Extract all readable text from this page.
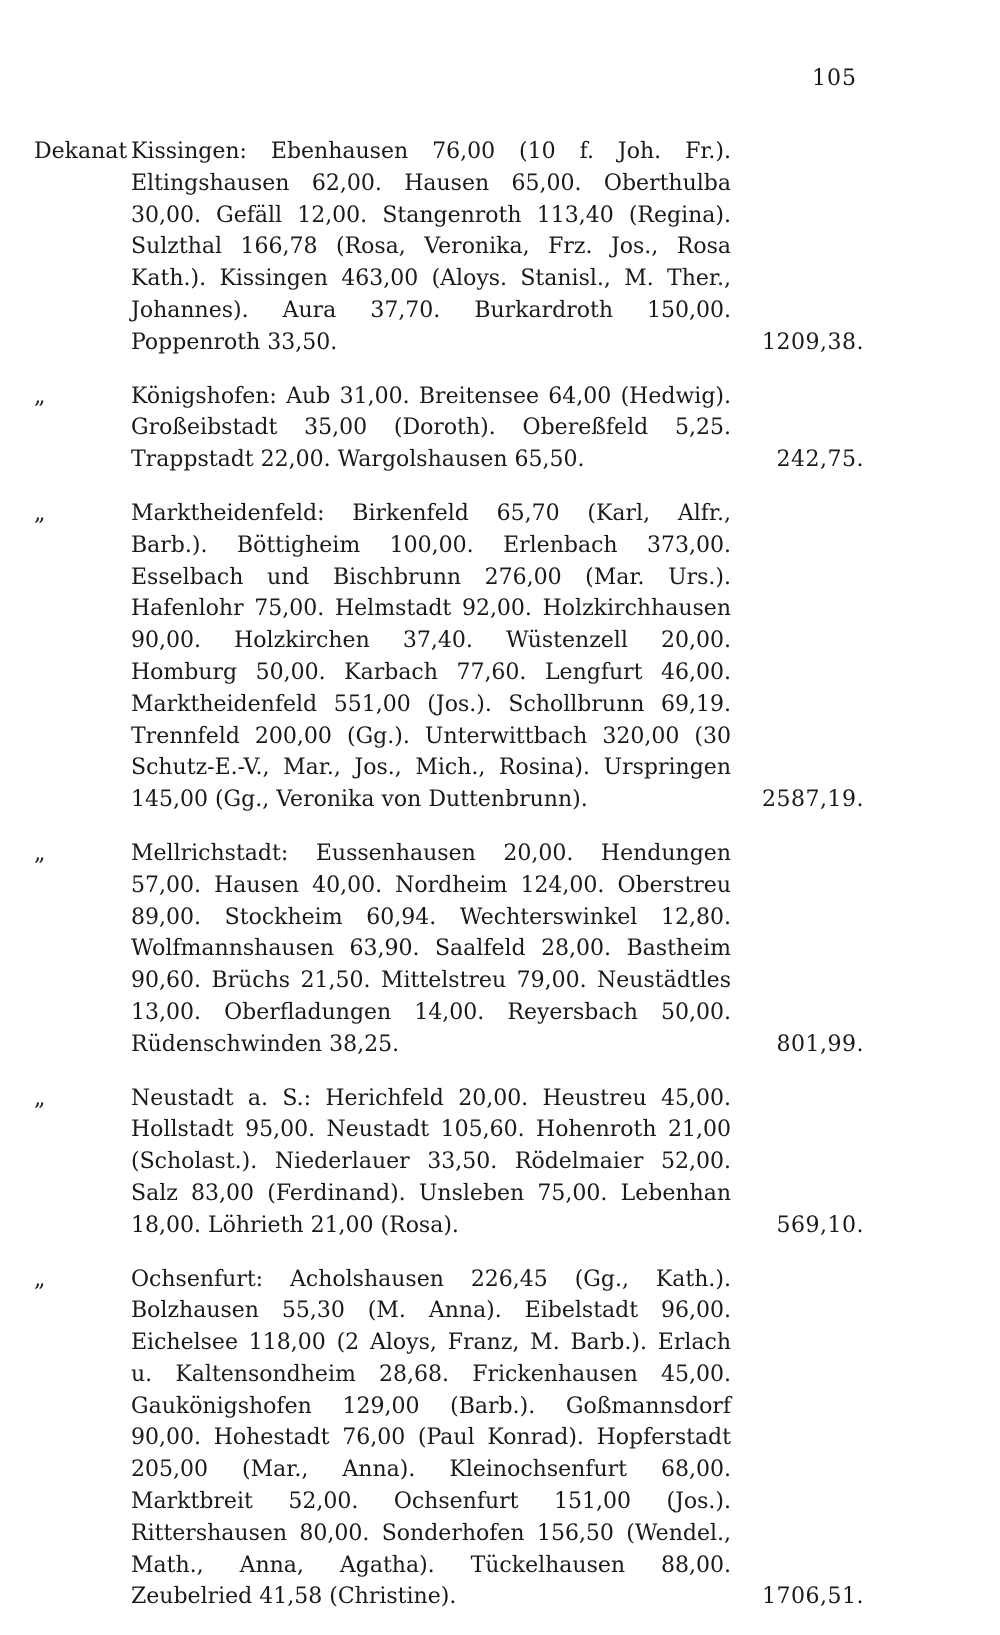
105
Dekanat Kissingen: Ebenhausen 76,00 (10 f. Joh. Fr.). Eltingshausen 62,00. Hausen 65,00. Oberthulba 30,00. Gefäll 12,00. Stangenroth 113,40 (Regina). Sulzthal 166,78 (Rosa, Veronika, Frz. Jos., Rosa Kath.). Kissingen 463,00 (Aloys. Stanisl., M. Ther., Johannes). Aura 37,70. Burkardroth 150,00. Poppenroth 33,50.	1209,38.
„	Königshofen: Aub 31,00. Breitensee 64,00 (Hedwig). Großeibstadt 35,00 (Doroth). Obereßfeld 5,25. Trappstadt 22,00. Wargolshausen 65,50.	242,75.
„	Marktheidenfeld: Birkenfeld 65,70 (Karl, Alfr., Barb.). Böttigheim 100,00. Erlenbach 373,00. Esselbach und Bischbrunn 276,00 (Mar. Urs.). Hafenlohr 75,00. Helmstadt 92,00. Holzkirchhausen 90,00. Holzkirchen 37,40. Wüstenzell 20,00. Homburg 50,00. Karbach 77,60. Lengfurt 46,00. Marktheidenfeld 551,00 (Jos.). Schollbrunn 69,19. Trennfeld 200,00 (Gg.). Unterwittbach 320,00 (30 Schutz-E.-V., Mar., Jos., Mich., Rosina). Urspringen 145,00 (Gg., Veronika von Duttenbrunn).	2587,19.
„	Mellrichstadt: Eussenhausen 20,00. Hendungen 57,00. Hausen 40,00. Nordheim 124,00. Oberstreu 89,00. Stockheim 60,94. Wechterswinkel 12,80. Wolfmannshausen 63,90. Saalfeld 28,00. Bastheim 90,60. Brüchs 21,50. Mittelstreu 79,00. Neustädtles 13,00. Oberfladungen 14,00. Reyersbach 50,00. Rüdenschwinden 38,25.	801,99.
„	Neustadt a. S.: Herichfeld 20,00. Heustreu 45,00. Hollstadt 95,00. Neustadt 105,60. Hohenroth 21,00 (Scholast.). Niederlauer 33,50. Rödelmaier 52,00. Salz 83,00 (Ferdinand). Unsleben 75,00. Lebenhan 18,00. Löhrieth 21,00 (Rosa).	569,10.
„	Ochsenfurt: Acholshausen 226,45 (Gg., Kath.). Bolzhausen 55,30 (M. Anna). Eibelstadt 96,00. Eichelsee 118,00 (2 Aloys, Franz, M. Barb.). Erlach u. Kaltensondheim 28,68. Frickenhausen 45,00. Gaukönigshofen 129,00 (Barb.). Goßmannsdorf 90,00. Hohestadt 76,00 (Paul Konrad). Hopferstadt 205,00 (Mar., Anna). Kleinochsenfurt 68,00. Marktbreit 52,00. Ochsenfurt 151,00 (Jos.). Rittershausen 80,00. Sonderhofen 156,50 (Wendel., Math., Anna, Agatha). Tückelhausen 88,00. Zeubelried 41,58 (Christine).	1706,51.
